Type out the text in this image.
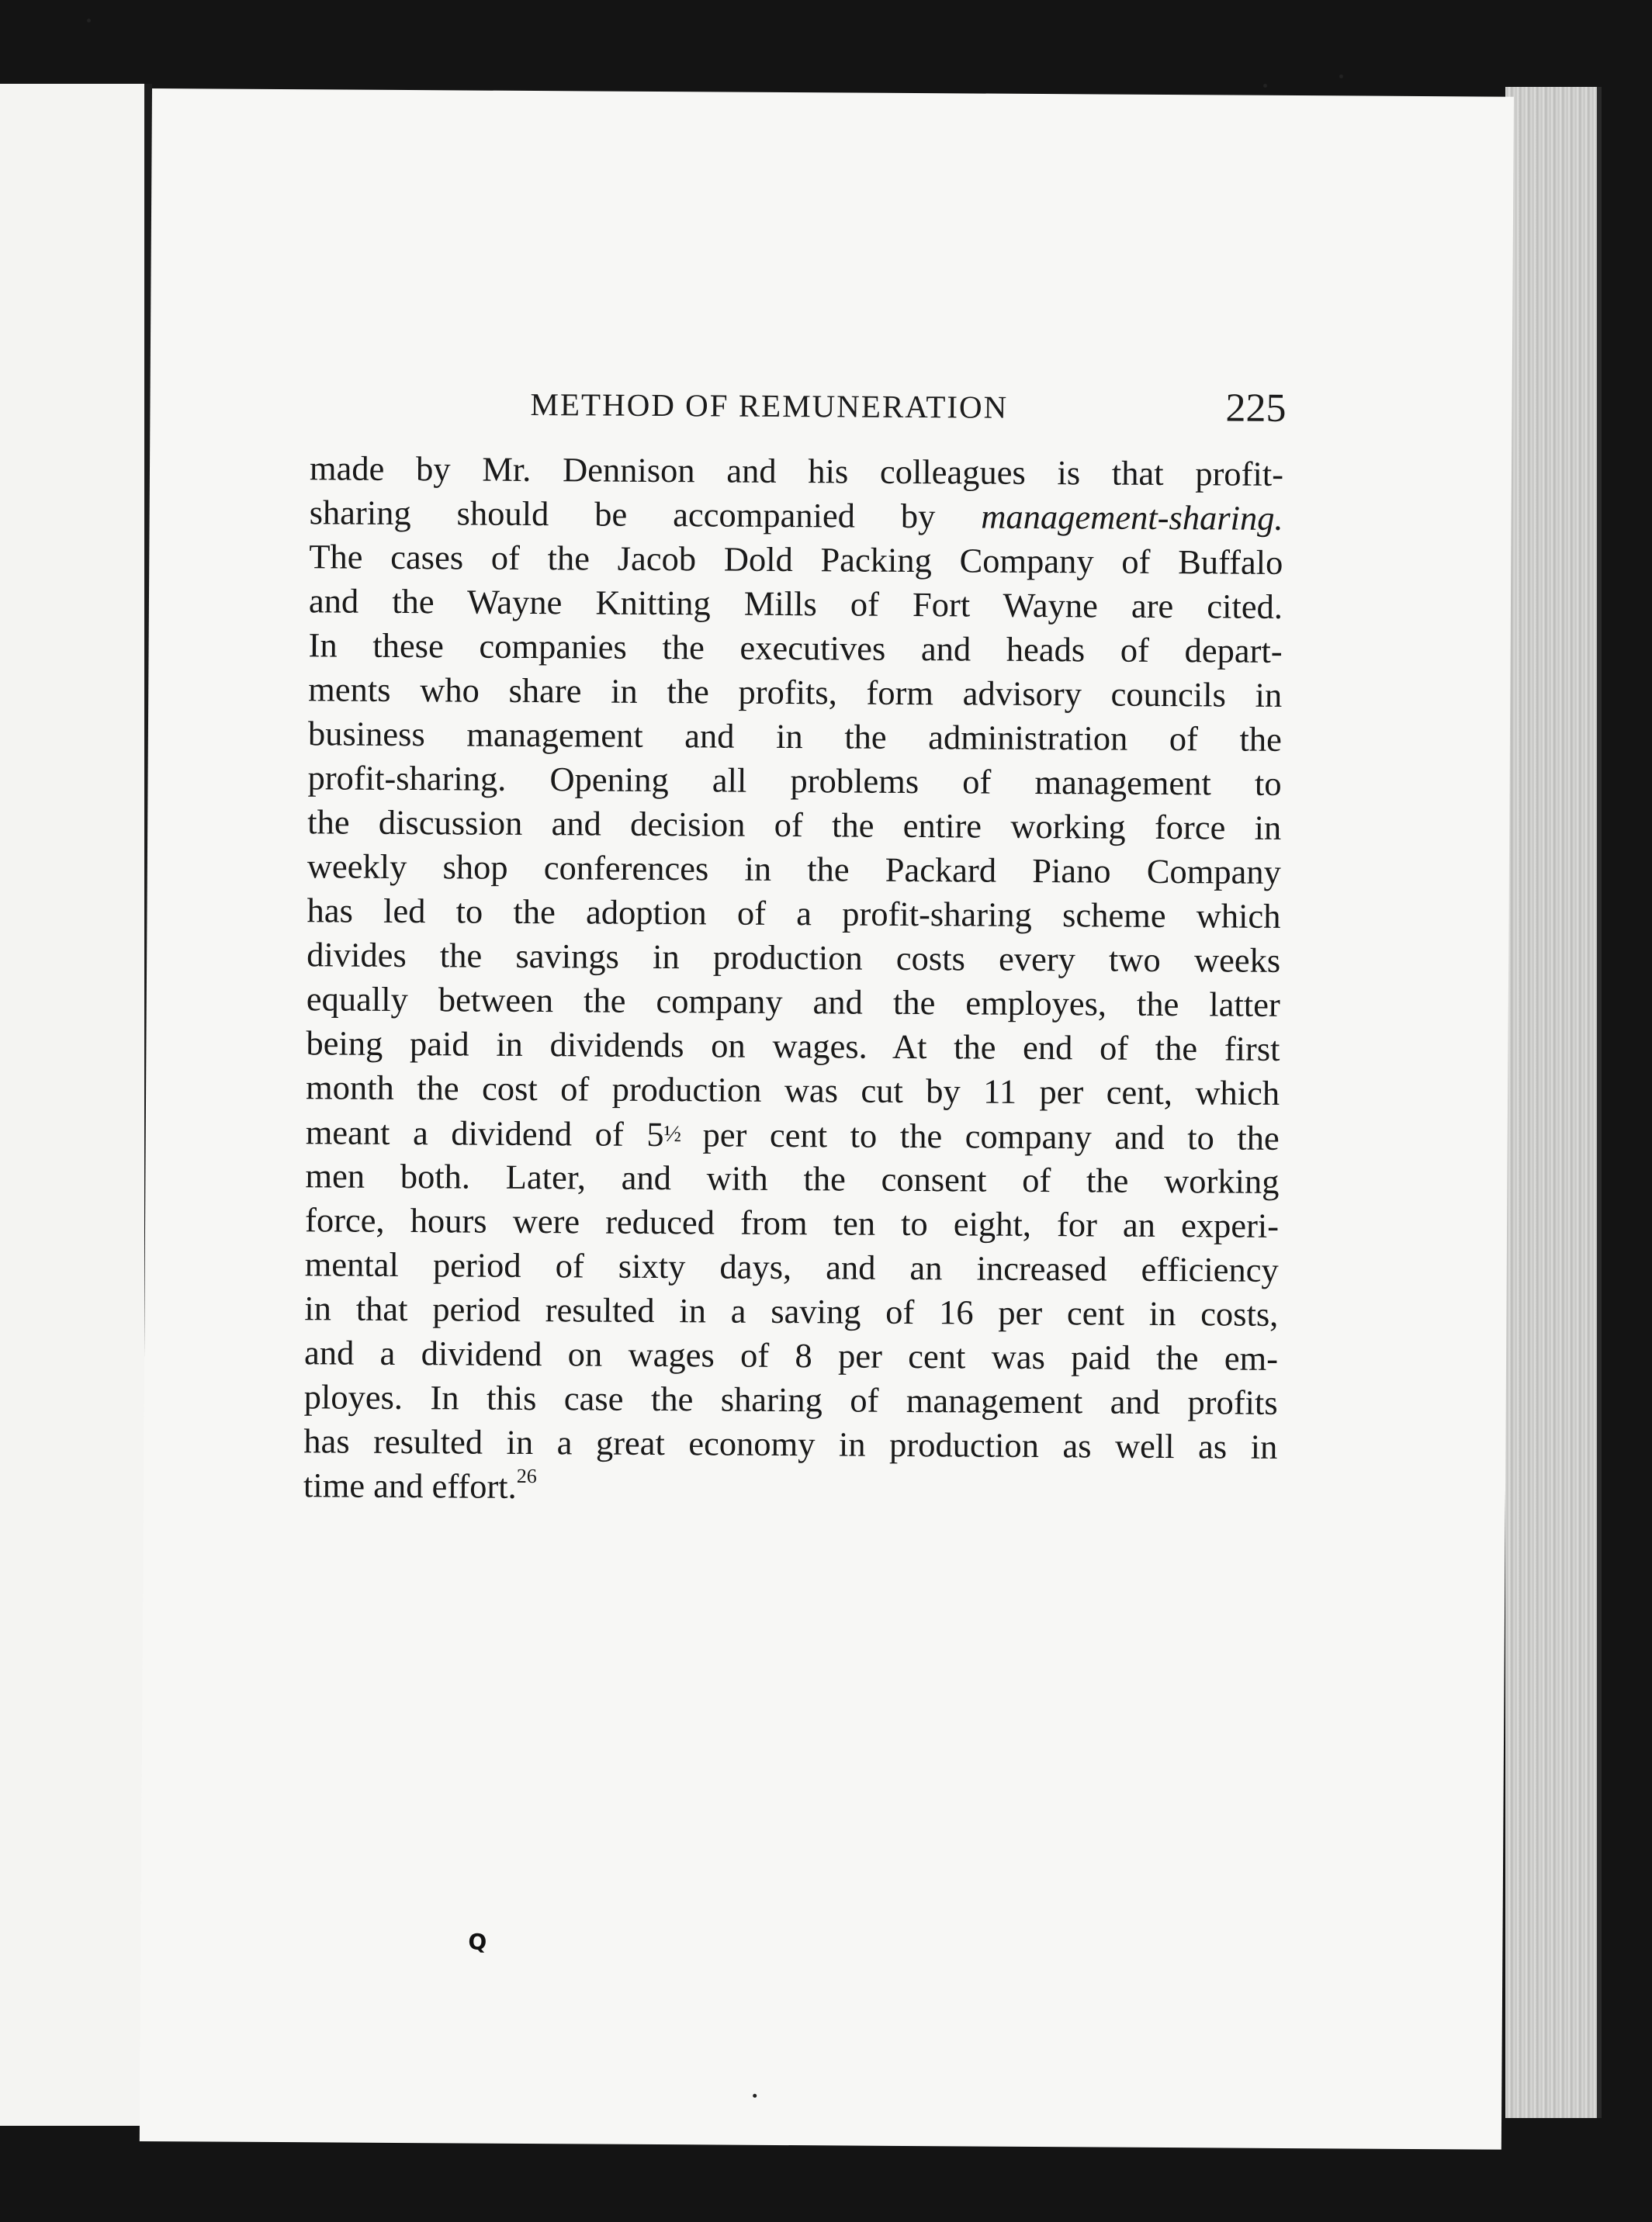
METHOD OF REMUNERATION	225
made by Mr. Dennison and his colleagues is that profit-
sharing should be accompanied by management-sharing.
The cases of the Jacob Dold Packing Company of Buffalo
and the Wayne Knitting Mills of Fort Wayne are cited.
In these companies the executives and heads of depart-
ments who share in the profits, form advisory councils in
business management and in the administration of the
profit-sharing. Opening all problems of management to
the discussion and decision of the entire working force in
weekly shop conferences in the Packard Piano Company
has led to the adoption of a profit-sharing scheme which
divides the savings in production costs every two weeks
equally between the company and the employes, the latter
being paid in dividends on wages. At the end of the first
month the cost of production was cut by 11 per cent, which
meant a dividend of 5½ per cent to the company and to the
men both. Later, and with the consent of the working
force, hours were reduced from ten to eight, for an experi-
mental period of sixty days, and an increased efficiency
in that period resulted in a saving of 16 per cent in costs,
and a dividend on wages of 8 per cent was paid the em-
ployes. In this case the sharing of management and profits
has resulted in a great economy in production as well as in
time and effort.$^{26}$
Q
